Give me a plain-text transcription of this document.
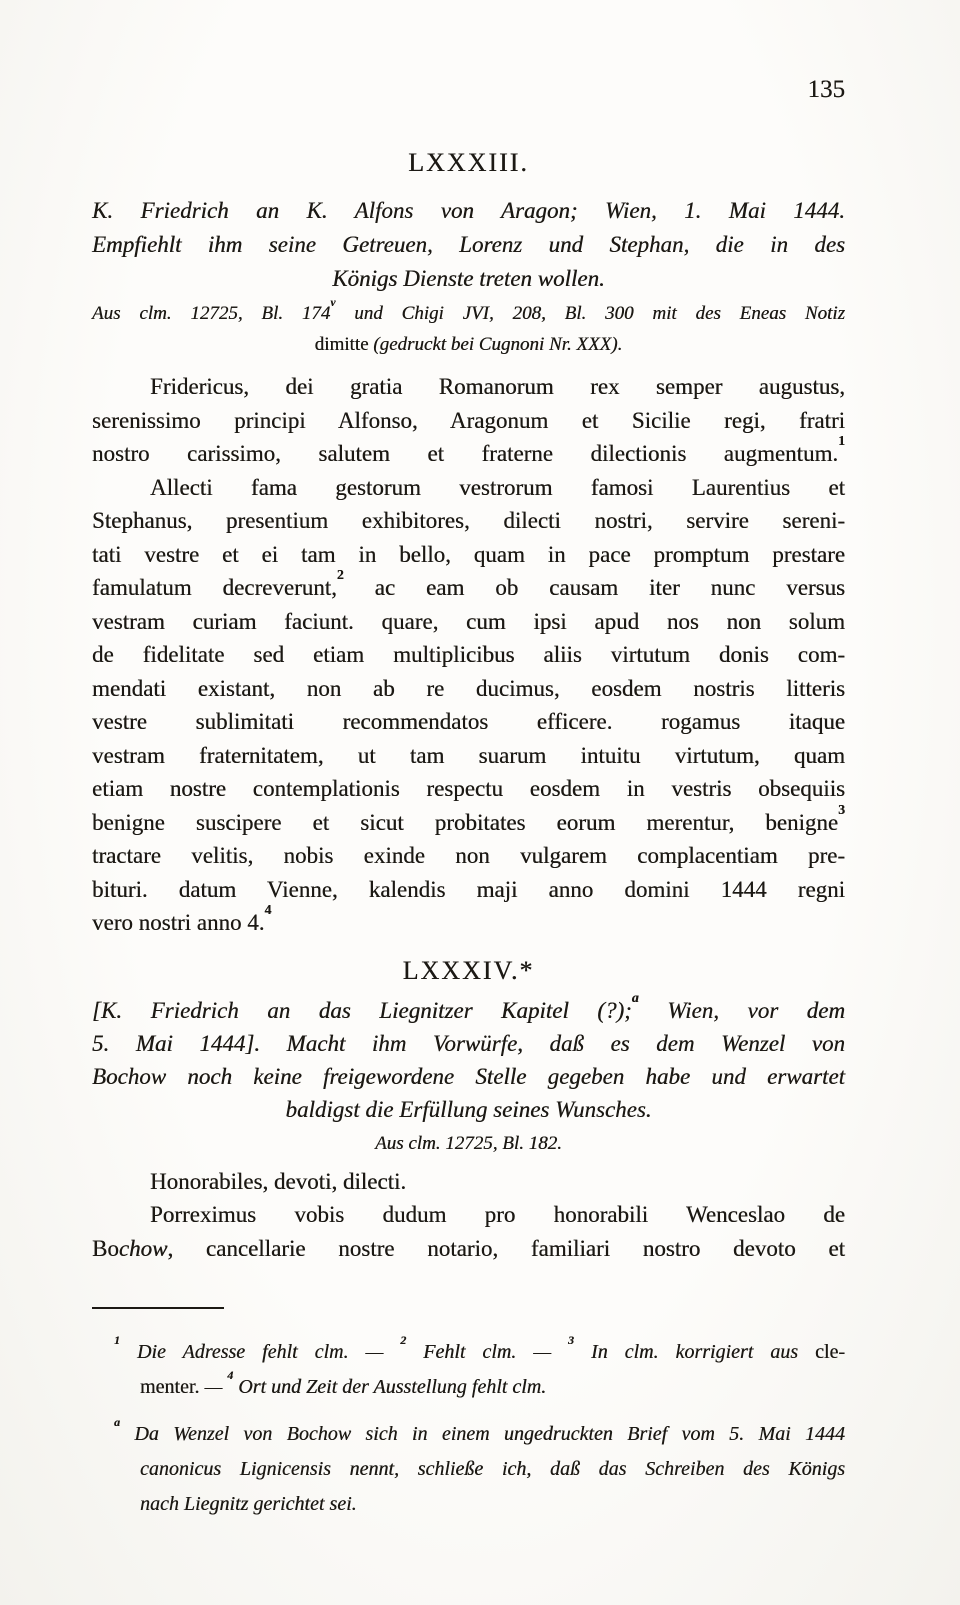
135
LXXXIII.
K. Friedrich an K. Alfons von Aragon; Wien, 1. Mai 1444.
Empfiehlt ihm seine Getreuen, Lorenz und Stephan, die in des
Königs Dienste treten wollen.
Aus clm. 12725, Bl. 174$^v$ und Chigi JVI, 208, Bl. 300 mit des Eneas Notiz
dimitte (gedruckt bei Cugnoni Nr. XXX).
Fridericus, dei gratia Romanorum rex semper augustus,
serenissimo principi Alfonso, Aragonum et Sicilie regi, fratri
nostro carissimo, salutem et fraterne dilectionis augmentum.$^1$
Allecti fama gestorum vestrorum famosi Laurentius et
Stephanus, presentium exhibitores, dilecti nostri, servire sereni-
tati vestre et ei tam in bello, quam in pace promptum prestare
famulatum decreverunt,$^2$ ac eam ob causam iter nunc versus
vestram curiam faciunt. quare, cum ipsi apud nos non solum
de fidelitate sed etiam multiplicibus aliis virtutum donis com-
mendati existant, non ab re ducimus, eosdem nostris litteris
vestre sublimitati recommendatos efficere. rogamus itaque
vestram fraternitatem, ut tam suarum intuitu virtutum, quam
etiam nostre contemplationis respectu eosdem in vestris obsequiis
benigne suscipere et sicut probitates eorum merentur, benigne$^3$
tractare velitis, nobis exinde non vulgarem complacentiam pre-
bituri. datum Vienne, kalendis maji anno domini 1444 regni
vero nostri anno 4.$^4$
LXXXIV.*
[K. Friedrich an das Liegnitzer Kapitel (?);$^a$ Wien, vor dem
5. Mai 1444]. Macht ihm Vorwürfe, daß es dem Wenzel von
Bochow noch keine freigewordene Stelle gegeben habe und erwartet
baldigst die Erfüllung seines Wunsches.
Aus clm. 12725, Bl. 182.
Honorabiles, devoti, dilecti.
Porreximus vobis dudum pro honorabili Wenceslao de
Bochow, cancellarie nostre notario, familiari nostro devoto et
$^1$ Die Adresse fehlt clm. — $^2$ Fehlt clm. — $^3$ In clm. korrigiert aus cle-
menter. — $^4$ Ort und Zeit der Ausstellung fehlt clm.
$^a$ Da Wenzel von Bochow sich in einem ungedruckten Brief vom 5. Mai 1444
canonicus Lignicensis nennt, schließe ich, daß das Schreiben des Königs
nach Liegnitz gerichtet sei.
